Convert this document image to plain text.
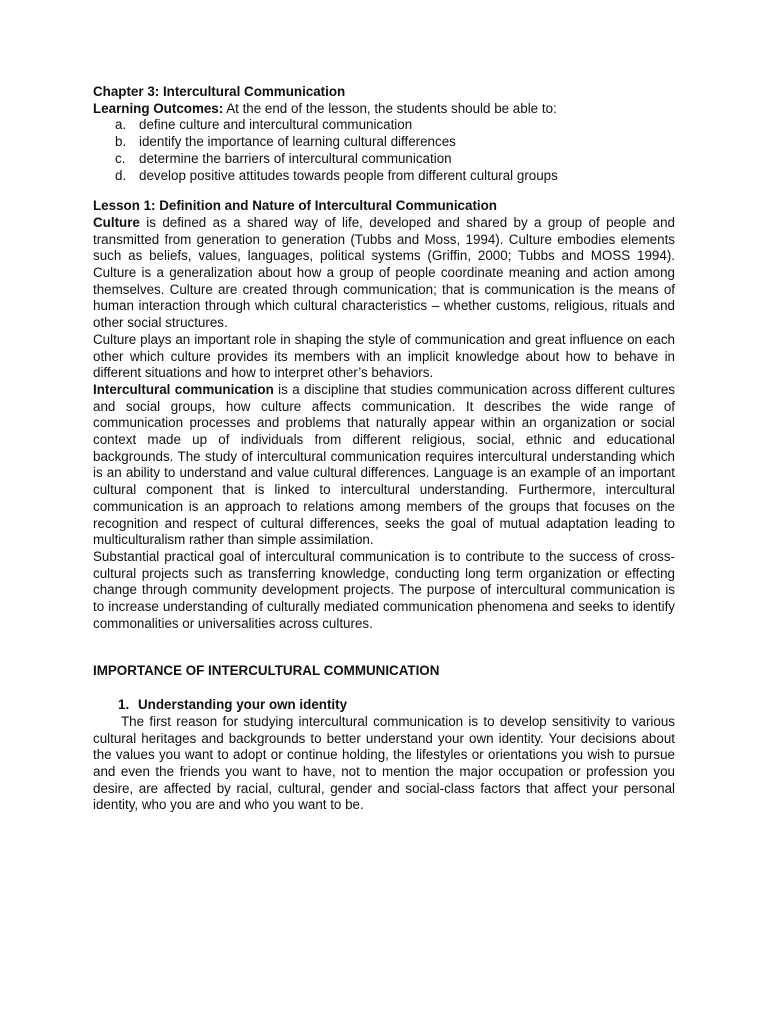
Chapter 3: Intercultural Communication

Learning Outcomes: At the end of the lesson, the students should be able to:

a. define culture and intercultural communication
b. identify the importance of learning cultural differences
c. determine the barriers of intercultural communication
d. develop positive attitudes towards people from different cultural groups

Lesson 1: Definition and Nature of Intercultural Communication

Culture is defined as a shared way of life, developed and shared by a group of people and transmitted from generation to generation (Tubbs and Moss, 1994). Culture embodies elements such as beliefs, values, languages, political systems (Griffin, 2000; Tubbs and MOSS 1994). Culture is a generalization about how a group of people coordinate meaning and action among themselves. Culture are created through communication; that is communication is the means of human interaction through which cultural characteristics – whether customs, religious, rituals and other social structures.

Culture plays an important role in shaping the style of communication and great influence on each other which culture provides its members with an implicit knowledge about how to behave in different situations and how to interpret other’s behaviors.

Intercultural communication is a discipline that studies communication across different cultures and social groups, how culture affects communication. It describes the wide range of communication processes and problems that naturally appear within an organization or social context made up of individuals from different religious, social, ethnic and educational backgrounds. The study of intercultural communication requires intercultural understanding which is an ability to understand and value cultural differences. Language is an example of an important cultural component that is linked to intercultural understanding. Furthermore, intercultural communication is an approach to relations among members of the groups that focuses on the recognition and respect of cultural differences, seeks the goal of mutual adaptation leading to multiculturalism rather than simple assimilation.

Substantial practical goal of intercultural communication is to contribute to the success of cross-cultural projects such as transferring knowledge, conducting long term organization or effecting change through community development projects. The purpose of intercultural communication is to increase understanding of culturally mediated communication phenomena and seeks to identify commonalities or universalities across cultures.

IMPORTANCE OF INTERCULTURAL COMMUNICATION

1. Understanding your own identity

The first reason for studying intercultural communication is to develop sensitivity to various cultural heritages and backgrounds to better understand your own identity. Your decisions about the values you want to adopt or continue holding, the lifestyles or orientations you wish to pursue and even the friends you want to have, not to mention the major occupation or profession you desire, are affected by racial, cultural, gender and social-class factors that affect your personal identity, who you are and who you want to be.
